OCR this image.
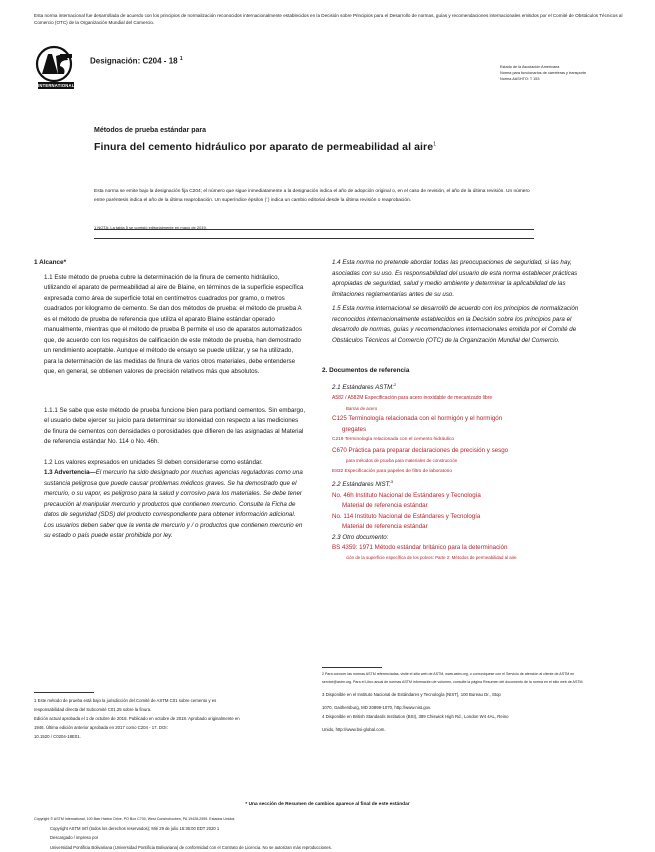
Esta norma internacional fue desarrollada de acuerdo con los principios de normalización reconocidos internacionalmente establecidos en la Decisión sobre Principios para el Desarrollo de normas, guías y recomendaciones internacionales emitidos por el Comité de Obstáculos Técnicos al Comercio (OTC) de la Organización Mundial del Comercio.
INTERNATIONAL
Designación: C204 - 18 $^1$
Estado de la Asociación Americana
Norma para funcionarios de carreteras y transporte
Norma AASHTO: T 153
Métodos de prueba estándar para
Finura del cemento hidráulico por aparato de permeabilidad al aire$^1$
Esta norma se emite bajo la designación fija C204; el número que sigue inmediatamente a la designación indica el año de adopción original o, en el caso de revisión, el año de la última revisión. Un número entre paréntesis indica el año de la última reaprobación. Un superíndice épsilon (´) indica un cambio editorial desde la última revisión o reaprobación.
1 NOTA: La tabla 5 se corrigió editorialmente en mayo de 2019.

1 Alcance*

1.1 Este método de prueba cubre la determinación de la finura de cemento hidráulico, utilizando el aparato de permeabilidad al aire de Blaine, en términos de la superficie específica expresada como área de superficie total en centímetros cuadrados por gramo, o metros cuadrados por kilogramo de cemento. Se dan dos métodos de prueba: el método de prueba A es el método de prueba de referencia que utiliza el aparato Blaine estándar operado manualmente, mientras que el método de prueba B permite el uso de aparatos automatizados que, de acuerdo con los requisitos de calificación de este método de prueba, han demostrado un rendimiento aceptable. Aunque el método de ensayo se puede utilizar, y se ha utilizado, para la determinación de las medidas de finura de varios otros materiales, debe entenderse que, en general, se obtienen valores de precisión relativos más que absolutos.

1.1.1 Se sabe que este método de prueba funcione bien para portland cementos. Sin embargo, el usuario debe ejercer su juicio para determinar su idoneidad con respecto a las mediciones de finura de cementos con densidades o porosidades que difieren de las asignadas al Material de referencia estándar No. 114 o No. 46h.

1.2 Los valores expresados en unidades SI deben considerarse como estándar.

1.3 Advertencia—El mercurio ha sido designado por muchas agencias reguladoras como una sustancia peligrosa que puede causar problemas médicos graves. Se ha demostrado que el mercurio, o su vapor, es peligroso para la salud y corrosivo para los materiales. Se debe tener precaución al manipular mercurio y productos que contienen mercurio. Consulte la Ficha de datos de seguridad (SDS) del producto correspondiente para obtener información adicional. Los usuarios deben saber que la venta de mercurio y / o productos que contienen mercurio en su estado o país puede estar prohibida por ley.

1.4 Esta norma no pretende abordar todas las preocupaciones de seguridad, si las hay, asociadas con su uso. Es responsabilidad del usuario de esta norma establecer prácticas apropiadas de seguridad, salud y medio ambiente y determinar la aplicabilidad de las limitaciones reglamentarias antes de su uso.

1.5 Esta norma internacional se desarrolló de acuerdo con los principios de normalización reconocidos internacionalmente establecidos en la Decisión sobre los principios para el desarrollo de normas, guías y recomendaciones internacionales emitida por el Comité de Obstáculos Técnicos al Comercio (OTC) de la Organización Mundial del Comercio.

2. Documentos de referencia

2.1 Estándares ASTM:$^2$

A582 / A582M Especificación para acero inoxidable de mecanizado libre

Barras de acero

C125 Terminología relacionada con el hormigón y el hormigón

gregates

C219 Terminología relacionada con el cemento hidráulico

C670 Práctica para preparar declaraciones de precisión y sesgo

para métodos de prueba para materiales de construcción

E832 Especificación para papeles de filtro de laboratorio

2.2 Estándares NIST:$^3$

No. 46h Instituto Nacional de Estándares y Tecnología

Material de referencia estándar

No. 114 Instituto Nacional de Estándares y Tecnología

Material de referencia estándar

2.3 Otro documento:

BS 4359: 1971 Método estándar británico para la determinación

ción de la superficie específica de los polvos: Parte 2: Métodos de permeabilidad al aire

1 Este método de prueba está bajo la jurisdicción del Comité de ASTM C01 sobre cemento y es
responsabilidad directa del Subcomité C01.25 sobre la finura.
Edición actual aprobada el 1 de octubre de 2018. Publicado en octubre de 2018. Aprobado originalmente en
1946. Última edición anterior aprobada en 2017 como C204 - 17. DOI:
10.1520 / C0204-18E01.
2 Para conocer las normas ASTM referenciadas, visite el sitio web de ASTM, www.astm.org, o comuníquese con el Servicio de atención al cliente de ASTM en service@astm.org. Para el Libro anual de normas ASTM información de volumen, consulte la página Resumen del documento de la norma en el sitio web de ASTM.
3 Disponible en el Instituto Nacional de Estándares y Tecnología (NIST), 100 Bureau Dr., Stop
1070, Gaithersburg, MD 20899-1070, http://www.nist.gov.
4 Disponible en British Standards Institution (BSI), 389 Chiswick High Rd., London W4 4AL, Reino
Unido, http://www.bsi-global.com.
* Una sección de Resumen de cambios aparece al final de este estándar
Copyright © ASTM International, 100 Barr Harbor Drive, PO Box C700, West Conshohocken, PA 19428-2959. Estados Unidos
Copyright ASTM Int'l (todos los derechos reservados); Mié 29 de julio 15:36:00 EDT 2020 1
Descargado / impreso por
Universidad Pontificia Bolivariana (Universidad Pontificia Bolivariana) de conformidad con el Contrato de Licencia. No se autorizan más reproducciones.
